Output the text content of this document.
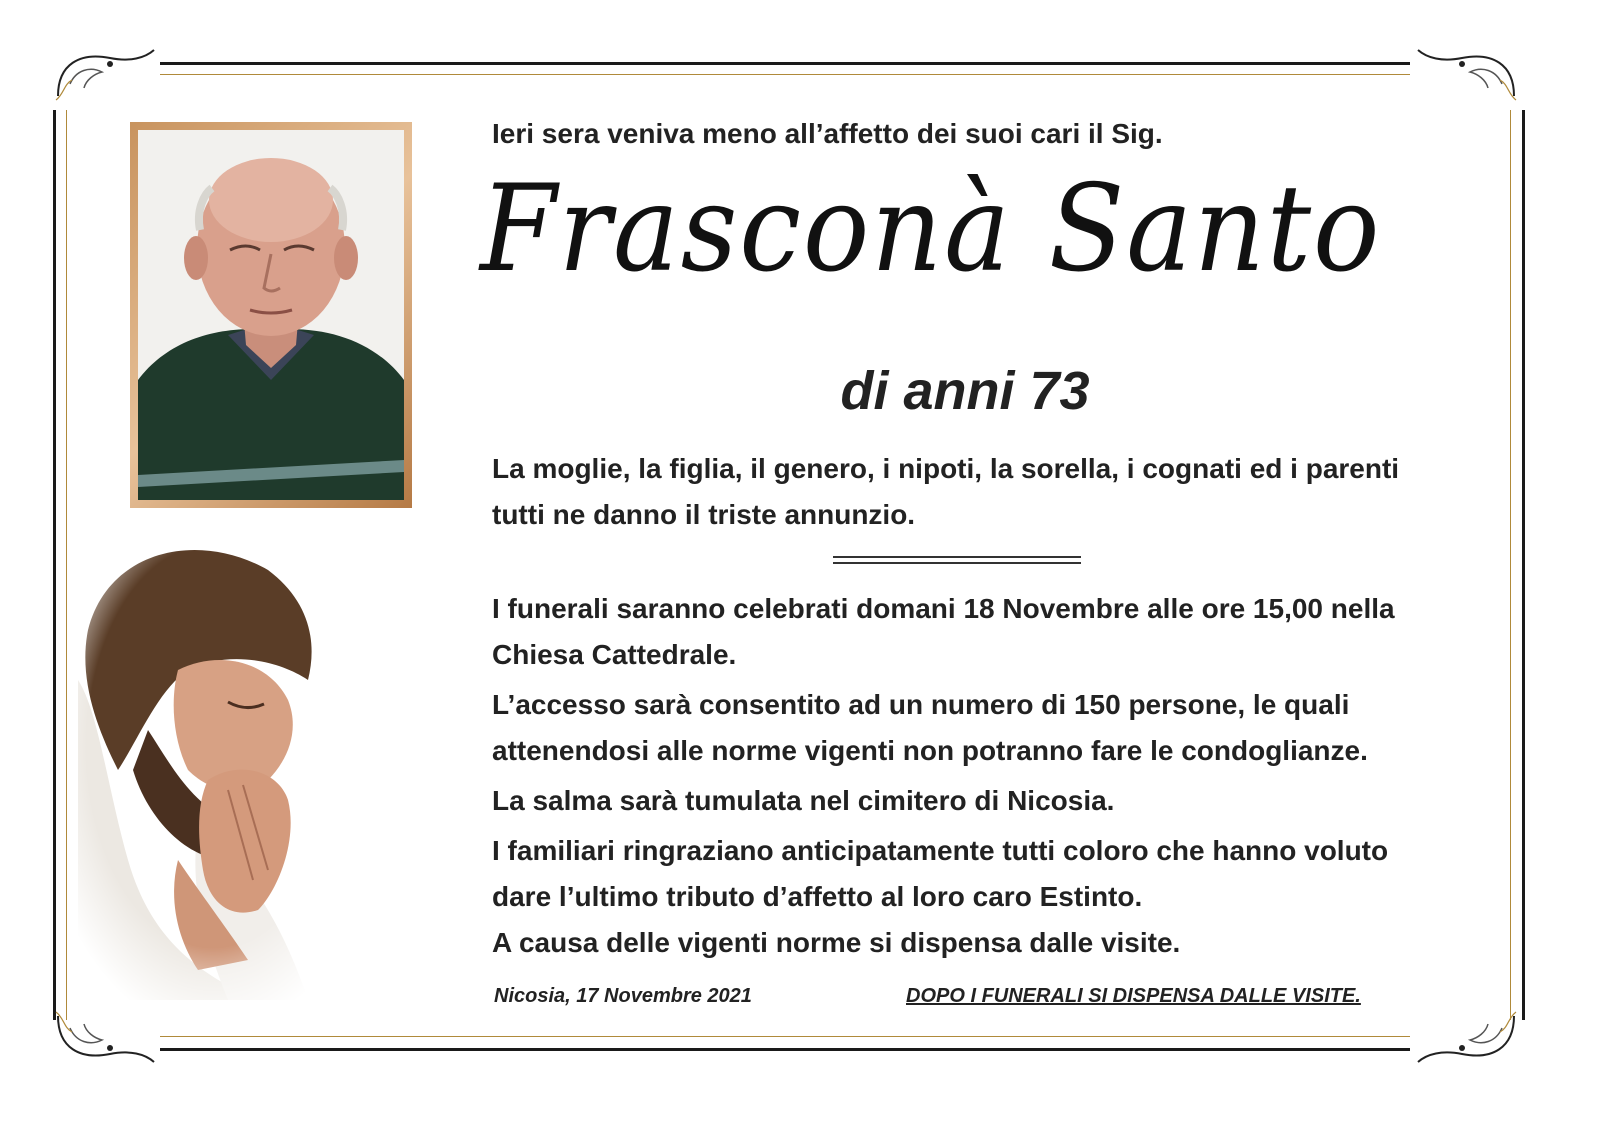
Ieri sera veniva meno all’affetto dei suoi cari il Sig.
Frasconà Santo
di anni 73
La moglie, la figlia, il genero, i nipoti, la sorella, i cognati ed i parenti tutti ne danno il triste annunzio.

I funerali saranno celebrati domani 18 Novembre alle ore 15,00 nella Chiesa Cattedrale.

L’accesso sarà consentito ad un numero di 150 persone, le quali attenendosi alle norme vigenti non potranno fare le condoglianze.

La salma sarà tumulata nel cimitero di Nicosia.

I familiari ringraziano anticipatamente tutti coloro che hanno voluto dare l’ultimo tributo d’affetto al loro caro Estinto.

A causa delle vigenti norme si dispensa dalle visite.

Nicosia, 17 Novembre 2021	DOPO I FUNERALI SI DISPENSA DALLE VISITE.
